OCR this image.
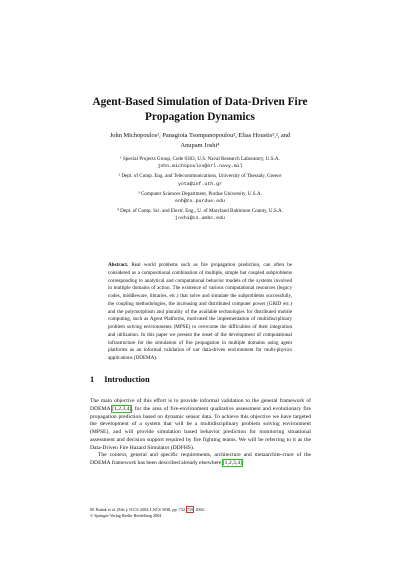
Agent-Based Simulation of Data-Driven Fire
Propagation Dynamics
John Michopoulos¹, Panagiota Tsompanopoulou², Elias Houstis³,², and
Anupam Joshi⁴
¹ Special Projects Group, Code 6303, U.S. Naval Research Laboratory, U.S.A.
john.michopoulos@nrl.navy.mil
² Dept. of Comp. Eng. and Telecommunications, University of Thessaly, Greece
yota@inf.uth.gr
³ Computer Sciences Department, Purdue University, U.S.A.
enh@cs.purdue.edu
⁴ Dept. of Comp. Sci. and Electr. Eng., U. of Maryland Baltimore County, U.S.A.
joshi@cs.umbc.edu
Abstract. Real world problems such as fire propagation prediction, can often be considered as a compositional combination of multiple, simple but coupled subproblems corresponding to analytical and computational behavior models of the systems involved in multiple domains of action. The existence of various computational resources (legacy codes, middleware, libraries, etc.) that solve and simulate the subproblems successfully, the coupling methodologies, the increasing and distributed computer power (GRID etc.) and the polymorphism and plurality of the available technologies for distributed mobile computing, such as Agent Platforms, motivated the implementation of multidisciplinary problem solving environments (MPSE) to overcome the difficulties of their integration and utilization. In this paper we present the onset of the development of computational infrastructure for the simulation of fire propagation in multiple domains using agent platforms as an informal validation of our data-driven environment for multi-physics applications (DDEMA).
1 Introduction

The main objective of this effort is to provide informal validation to the general framework of DDEMA [1,2,3,4], for the area of fire-environment qualitative assessment and evolutionary fire propagation prediction based on dynamic sensor data. To achieve this objective we have targeted the development of a system that will be a multidisciplinary problem solving environment (MPSE), and will provide simulation based behavior prediction for monitoring situational assessment and decision support required by fire fighting teams. We will be referring to it as the Data-Driven Fire Hazard Simulator (DDFHS).

The context, general and specific requirements, architecture and metaarchite-cture of the DDEMA framework has been described already elsewhere [1,2,3,4].

M. Bubak et al. (Eds.): ICCS 2004, LNCS 3038, pp. 732–739, 2004.
© Springer-Verlag Berlin Heidelberg 2004
